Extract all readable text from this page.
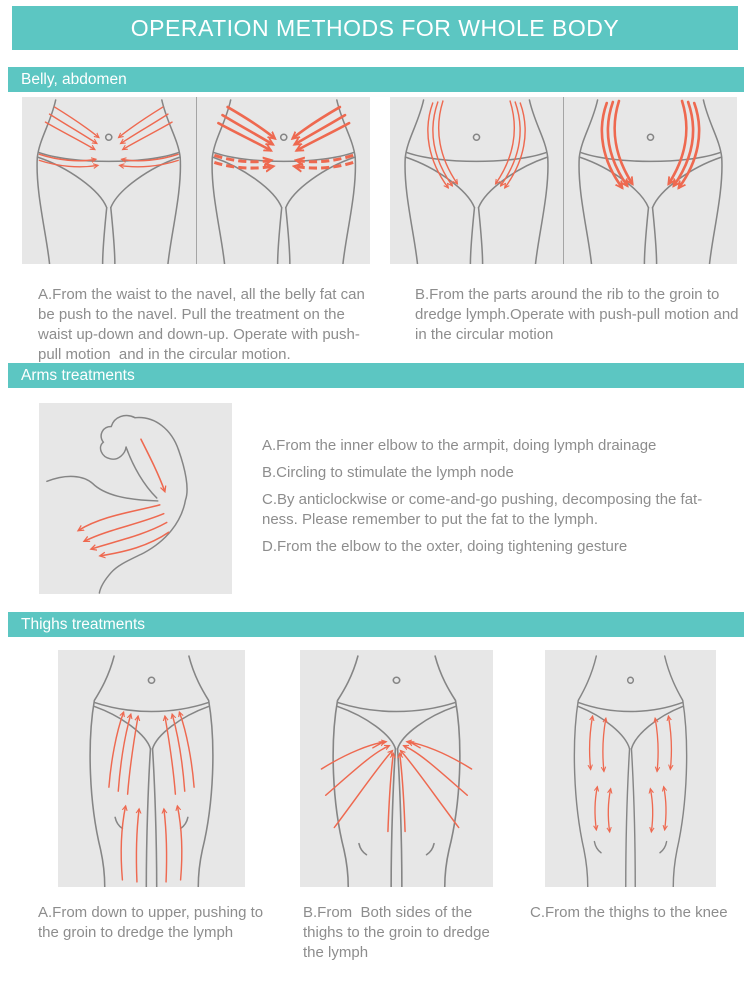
OPERATION METHODS FOR WHOLE BODY
Belly, abdomen
A.From the waist to the navel, all the belly fat can be push to the navel. Pull the treatment on the waist up-down and down-up. Operate with push-pull motion  and in the circular motion.
B.From the parts around the rib to the groin to dredge lymph.Operate with push-pull motion and in the circular motion
Arms treatments

A.From the inner elbow to the armpit, doing lymph drainage

B.Circling to stimulate the lymph node

C.By anticlockwise or come-and-go pushing, decomposing the fat-ness. Please remember to put the fat to the lymph.

D.From the elbow to the oxter, doing tightening gesture

Thighs treatments
A.From down to upper, pushing to the groin to dredge the lymph
B.From  Both sides of the thighs to the groin to dredge the lymph
C.From the thighs to the knee
